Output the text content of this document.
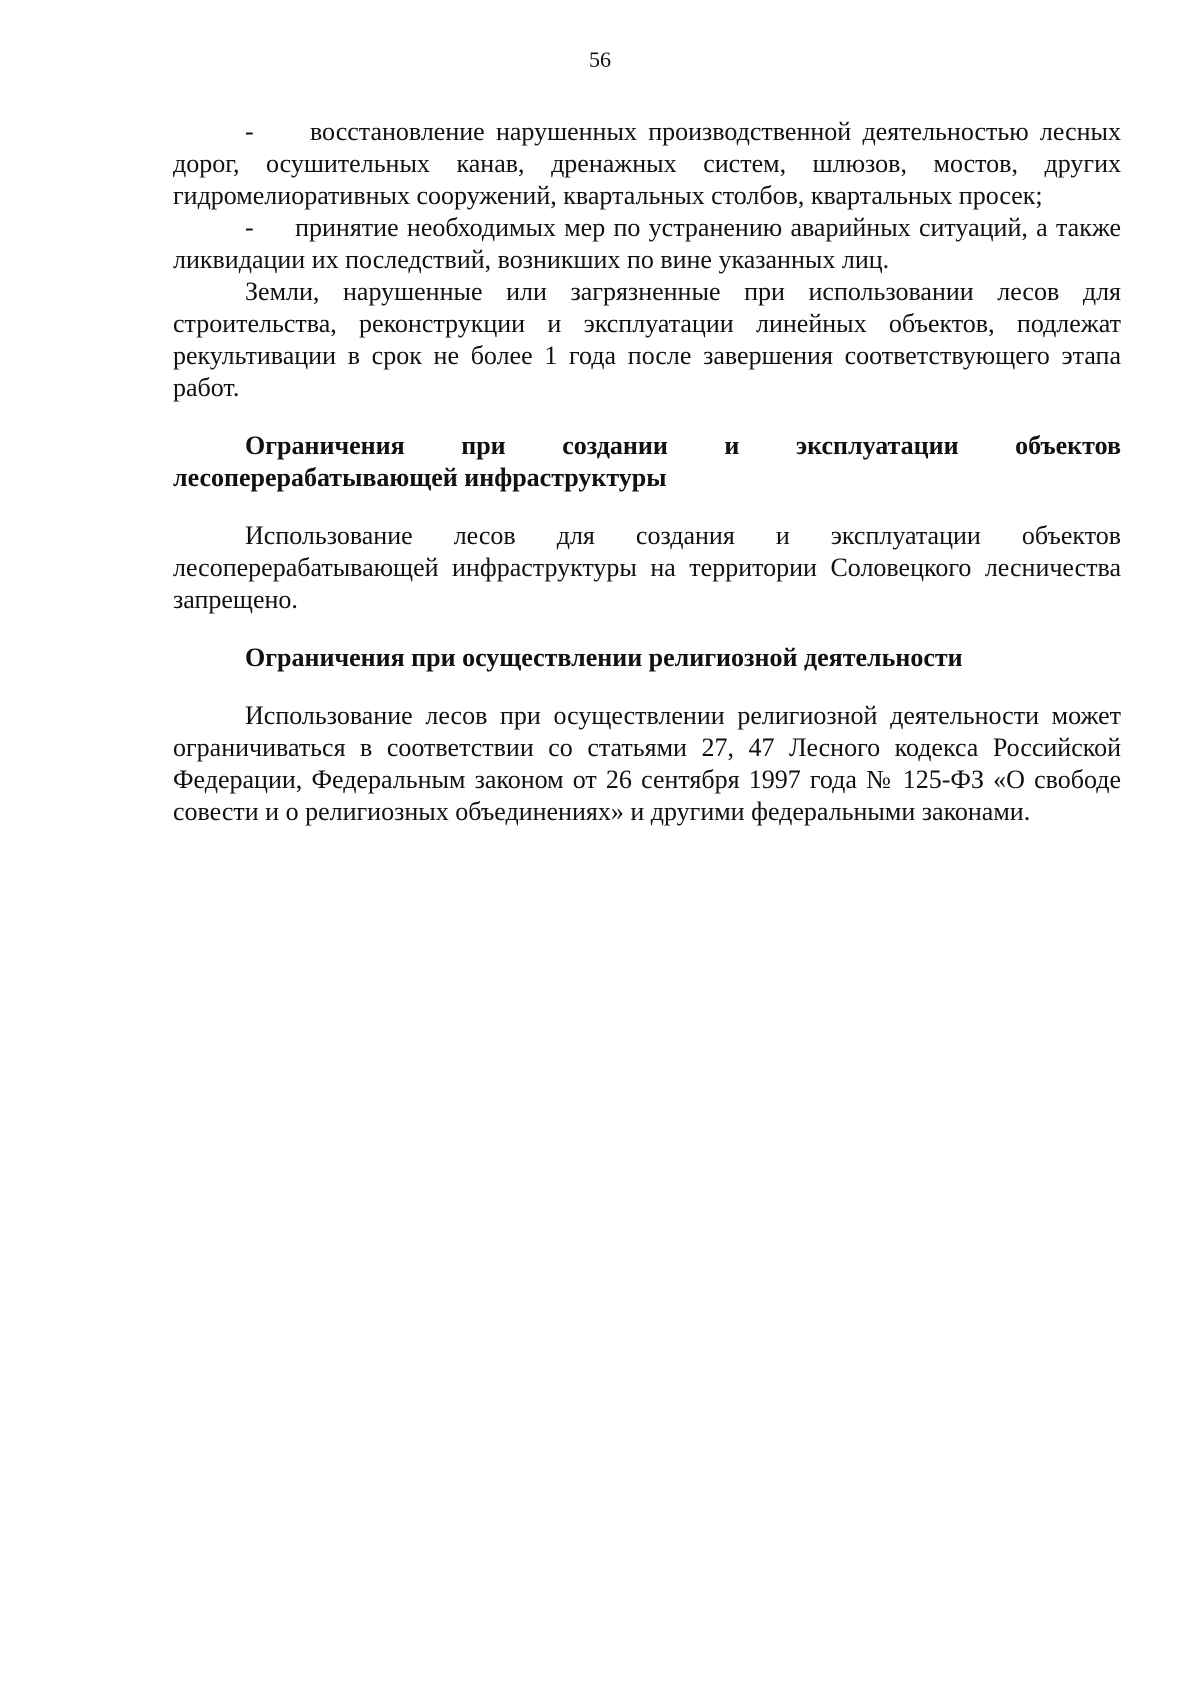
56

-     восстановление нарушенных производственной деятельностью лесных дорог, осушительных канав, дренажных систем, шлюзов, мостов, других гидромелиоративных сооружений, квартальных столбов, квартальных просек;

-     принятие необходимых мер по устранению аварийных ситуаций, а также ликвидации их последствий, возникших по вине указанных лиц.

Земли, нарушенные или загрязненные при использовании лесов для строительства, реконструкции и эксплуатации линейных объектов, подлежат рекультивации в срок не более 1 года после завершения соответствующего этапа работ.

Ограничения при создании и эксплуатации объектов лесоперерабатывающей инфраструктуры

Использование лесов для создания и эксплуатации объектов лесоперерабатывающей инфраструктуры на территории Соловецкого лесничества запрещено.

Ограничения при осуществлении религиозной деятельности

Использование лесов при осуществлении религиозной деятельности может ограничиваться в соответствии со статьями 27, 47 Лесного кодекса Российской Федерации, Федеральным законом от 26 сентября 1997 года № 125-ФЗ «О свободе совести и о религиозных объединениях» и другими федеральными законами.
